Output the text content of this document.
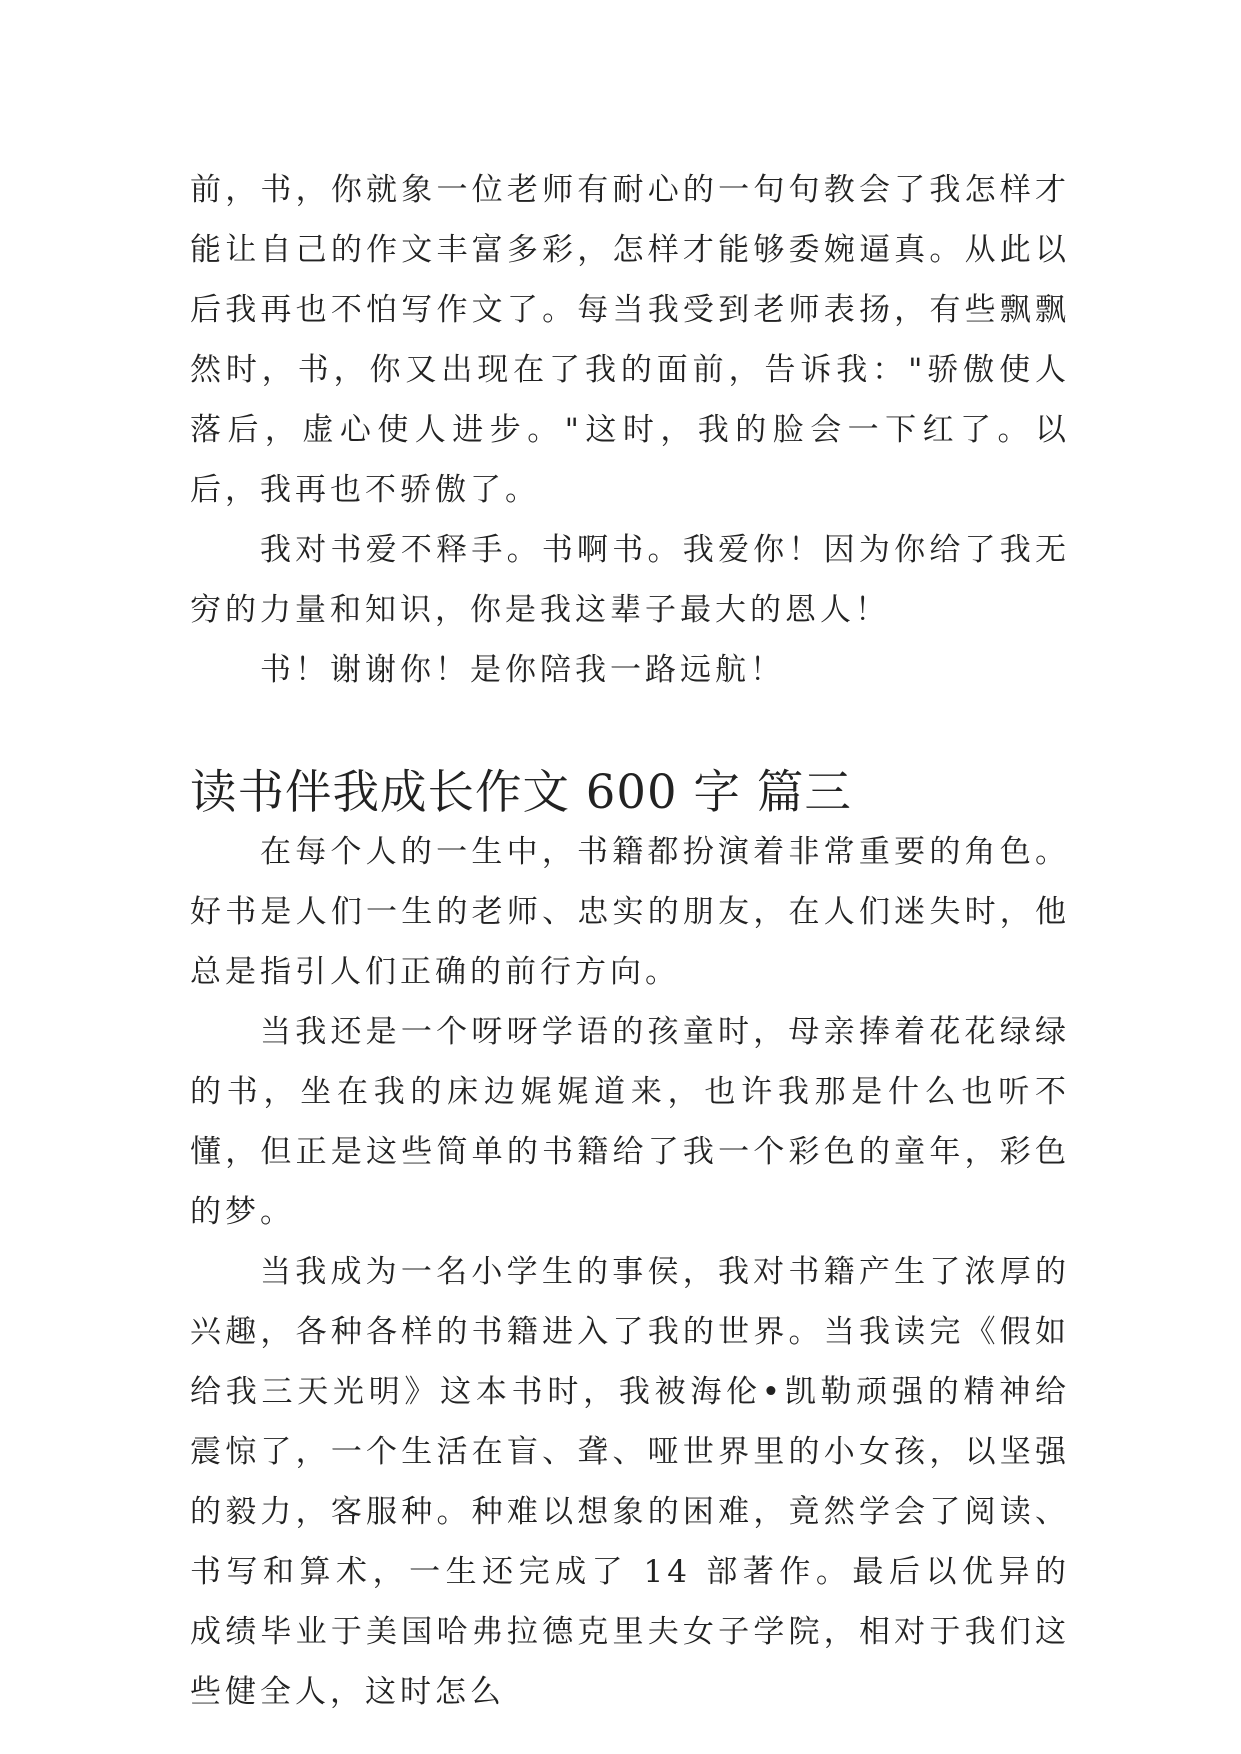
前，书，你就象一位老师有耐心的一句句教会了我怎样才能让自己的作文丰富多彩，怎样才能够委婉逼真。从此以后我再也不怕写作文了。每当我受到老师表扬，有些飘飘然时，书，你又出现在了我的面前，告诉我："骄傲使人落后，虚心使人进步。"这时，我的脸会一下红了。以后，我再也不骄傲了。

我对书爱不释手。书啊书。我爱你！因为你给了我无穷的力量和知识，你是我这辈子最大的恩人！

书！谢谢你！是你陪我一路远航！

读书伴我成长作文 600 字 篇三

在每个人的一生中，书籍都扮演着非常重要的角色。好书是人们一生的老师、忠实的朋友，在人们迷失时，他总是指引人们正确的前行方向。

当我还是一个呀呀学语的孩童时，母亲捧着花花绿绿的书，坐在我的床边娓娓道来，也许我那是什么也听不懂，但正是这些简单的书籍给了我一个彩色的童年，彩色的梦。

当我成为一名小学生的事侯，我对书籍产生了浓厚的兴趣，各种各样的书籍进入了我的世界。当我读完《假如给我三天光明》这本书时，我被海伦•凯勒顽强的精神给震惊了，一个生活在盲、聋、哑世界里的小女孩，以坚强的毅力，客服种。种难以想象的困难，竟然学会了阅读、书写和算术，一生还完成了 14 部著作。最后以优异的成绩毕业于美国哈弗拉德克里夫女子学院，相对于我们这些健全人，这时怎么
